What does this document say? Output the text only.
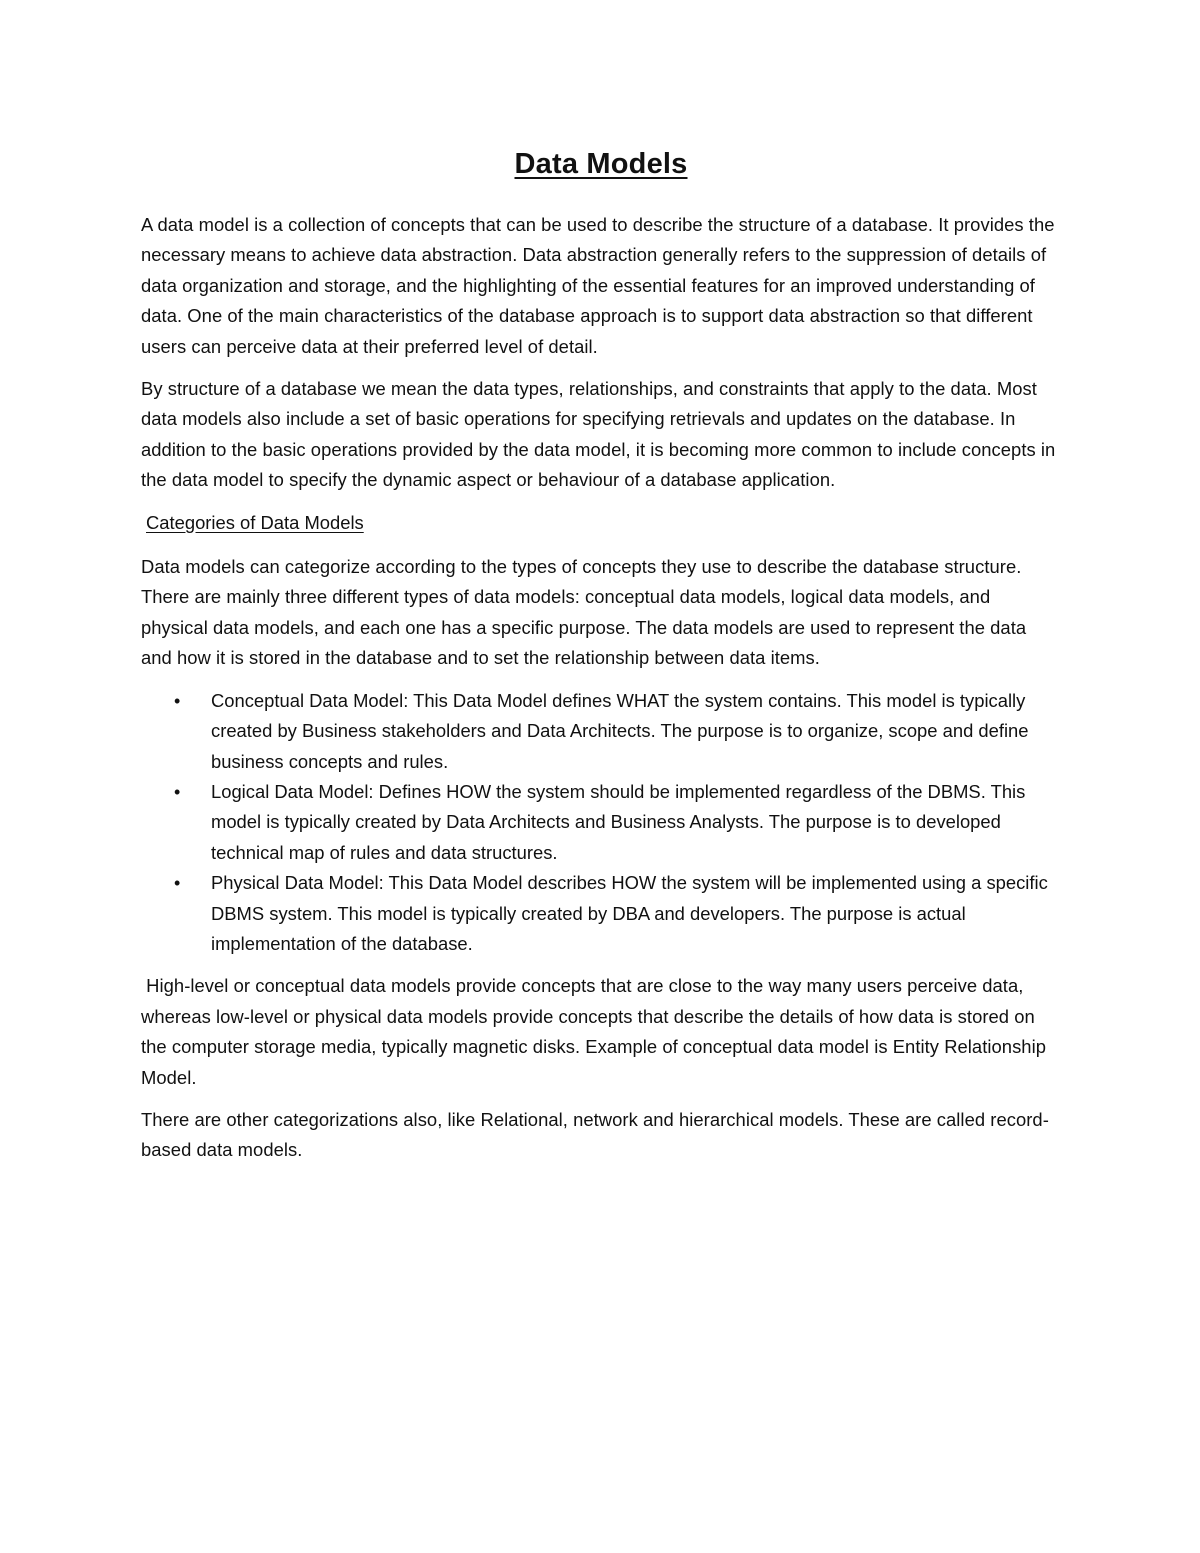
Data Models

A data model is a collection of concepts that can be used to describe the structure of a database. It provides the necessary means to achieve data abstraction. Data abstraction generally refers to the suppression of details of data organization and storage, and the highlighting of the essential features for an improved understanding of data. One of the main characteristics of the database approach is to support data abstraction so that different users can perceive data at their preferred level of detail.

By structure of a database we mean the data types, relationships, and constraints that apply to the data. Most data models also include a set of basic operations for specifying retrievals and updates on the database. In addition to the basic operations provided by the data model, it is becoming more common to include concepts in the data model to specify the dynamic aspect or behaviour of a database application.

Categories of Data Models

Data models can categorize according to the types of concepts they use to describe the database structure. There are mainly three different types of data models: conceptual data models, logical data models, and physical data models, and each one has a specific purpose. The data models are used to represent the data and how it is stored in the database and to set the relationship between data items.

• Conceptual Data Model: This Data Model defines WHAT the system contains. This model is typically created by Business stakeholders and Data Architects. The purpose is to organize, scope and define business concepts and rules.
• Logical Data Model: Defines HOW the system should be implemented regardless of the DBMS. This model is typically created by Data Architects and Business Analysts. The purpose is to developed technical map of rules and data structures.
• Physical Data Model: This Data Model describes HOW the system will be implemented using a specific DBMS system. This model is typically created by DBA and developers. The purpose is actual implementation of the database.

High-level or conceptual data models provide concepts that are close to the way many users perceive data, whereas low-level or physical data models provide concepts that describe the details of how data is stored on the computer storage media, typically magnetic disks. Example of conceptual data model is Entity Relationship Model.

There are other categorizations also, like Relational, network and hierarchical models. These are called record-based data models.
